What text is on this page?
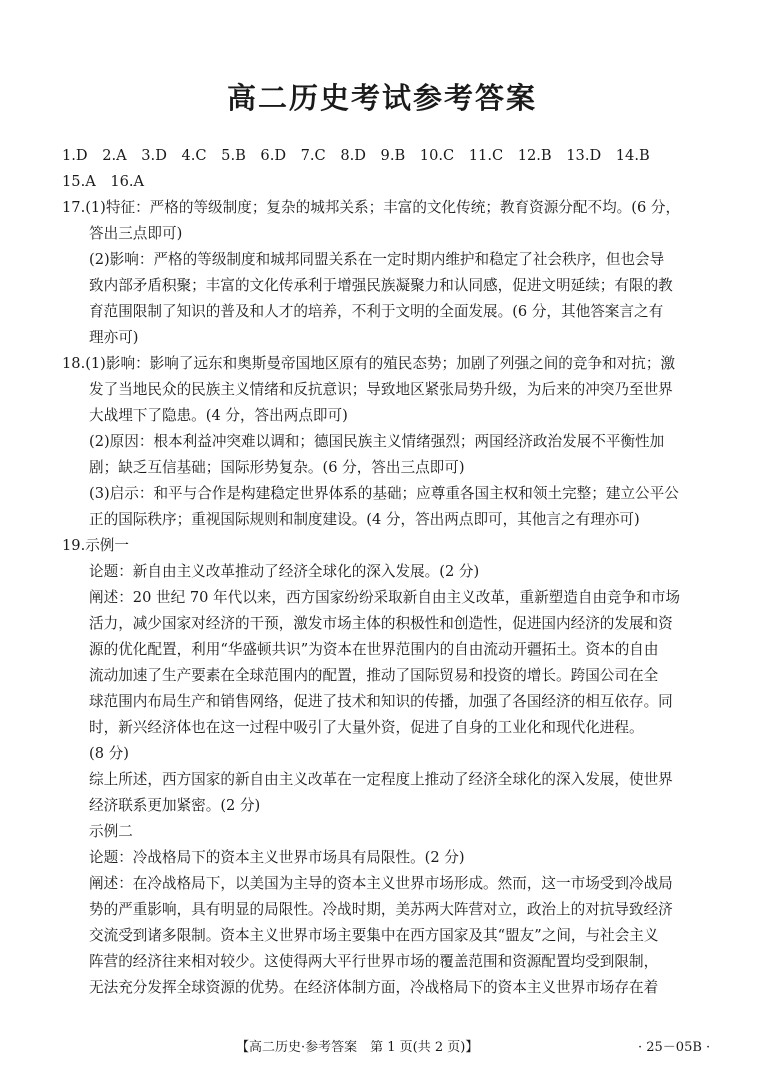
高二历史考试参考答案
1.D　2.A　3.D　4.C　5.B　6.D　7.C　8.D　9.B　10.C　11.C　12.B　13.D　14.B
15.A　16.A
17.(1)特征：严格的等级制度；复杂的城邦关系；丰富的文化传统；教育资源分配不均。(6 分，
答出三点即可)
(2)影响：严格的等级制度和城邦同盟关系在一定时期内维护和稳定了社会秩序，但也会导
致内部矛盾积聚；丰富的文化传承利于增强民族凝聚力和认同感，促进文明延续；有限的教
育范围限制了知识的普及和人才的培养，不利于文明的全面发展。(6 分，其他答案言之有
理亦可)
18.(1)影响：影响了远东和奥斯曼帝国地区原有的殖民态势；加剧了列强之间的竞争和对抗；激
发了当地民众的民族主义情绪和反抗意识；导致地区紧张局势升级，为后来的冲突乃至世界
大战埋下了隐患。(4 分，答出两点即可)
(2)原因：根本利益冲突难以调和；德国民族主义情绪强烈；两国经济政治发展不平衡性加
剧；缺乏互信基础；国际形势复杂。(6 分，答出三点即可)
(3)启示：和平与合作是构建稳定世界体系的基础；应尊重各国主权和领土完整；建立公平公
正的国际秩序；重视国际规则和制度建设。(4 分，答出两点即可，其他言之有理亦可)
19.示例一
论题：新自由主义改革推动了经济全球化的深入发展。(2 分)
阐述：20 世纪 70 年代以来，西方国家纷纷采取新自由主义改革，重新塑造自由竞争和市场
活力，减少国家对经济的干预，激发市场主体的积极性和创造性，促进国内经济的发展和资
源的优化配置，利用“华盛顿共识”为资本在世界范围内的自由流动开疆拓土。资本的自由
流动加速了生产要素在全球范围内的配置，推动了国际贸易和投资的增长。跨国公司在全
球范围内布局生产和销售网络，促进了技术和知识的传播，加强了各国经济的相互依存。同
时，新兴经济体也在这一过程中吸引了大量外资，促进了自身的工业化和现代化进程。
(8 分)
综上所述，西方国家的新自由主义改革在一定程度上推动了经济全球化的深入发展，使世界
经济联系更加紧密。(2 分)
示例二
论题：冷战格局下的资本主义世界市场具有局限性。(2 分)
阐述：在冷战格局下，以美国为主导的资本主义世界市场形成。然而，这一市场受到冷战局
势的严重影响，具有明显的局限性。冷战时期，美苏两大阵营对立，政治上的对抗导致经济
交流受到诸多限制。资本主义世界市场主要集中在西方国家及其“盟友”之间，与社会主义
阵营的经济往来相对较少。这使得两大平行世界市场的覆盖范围和资源配置均受到限制，
无法充分发挥全球资源的优势。在经济体制方面，冷战格局下的资本主义世界市场存在着
【高二历史·参考答案　第 1 页(共 2 页)】	· 25－05B ·
